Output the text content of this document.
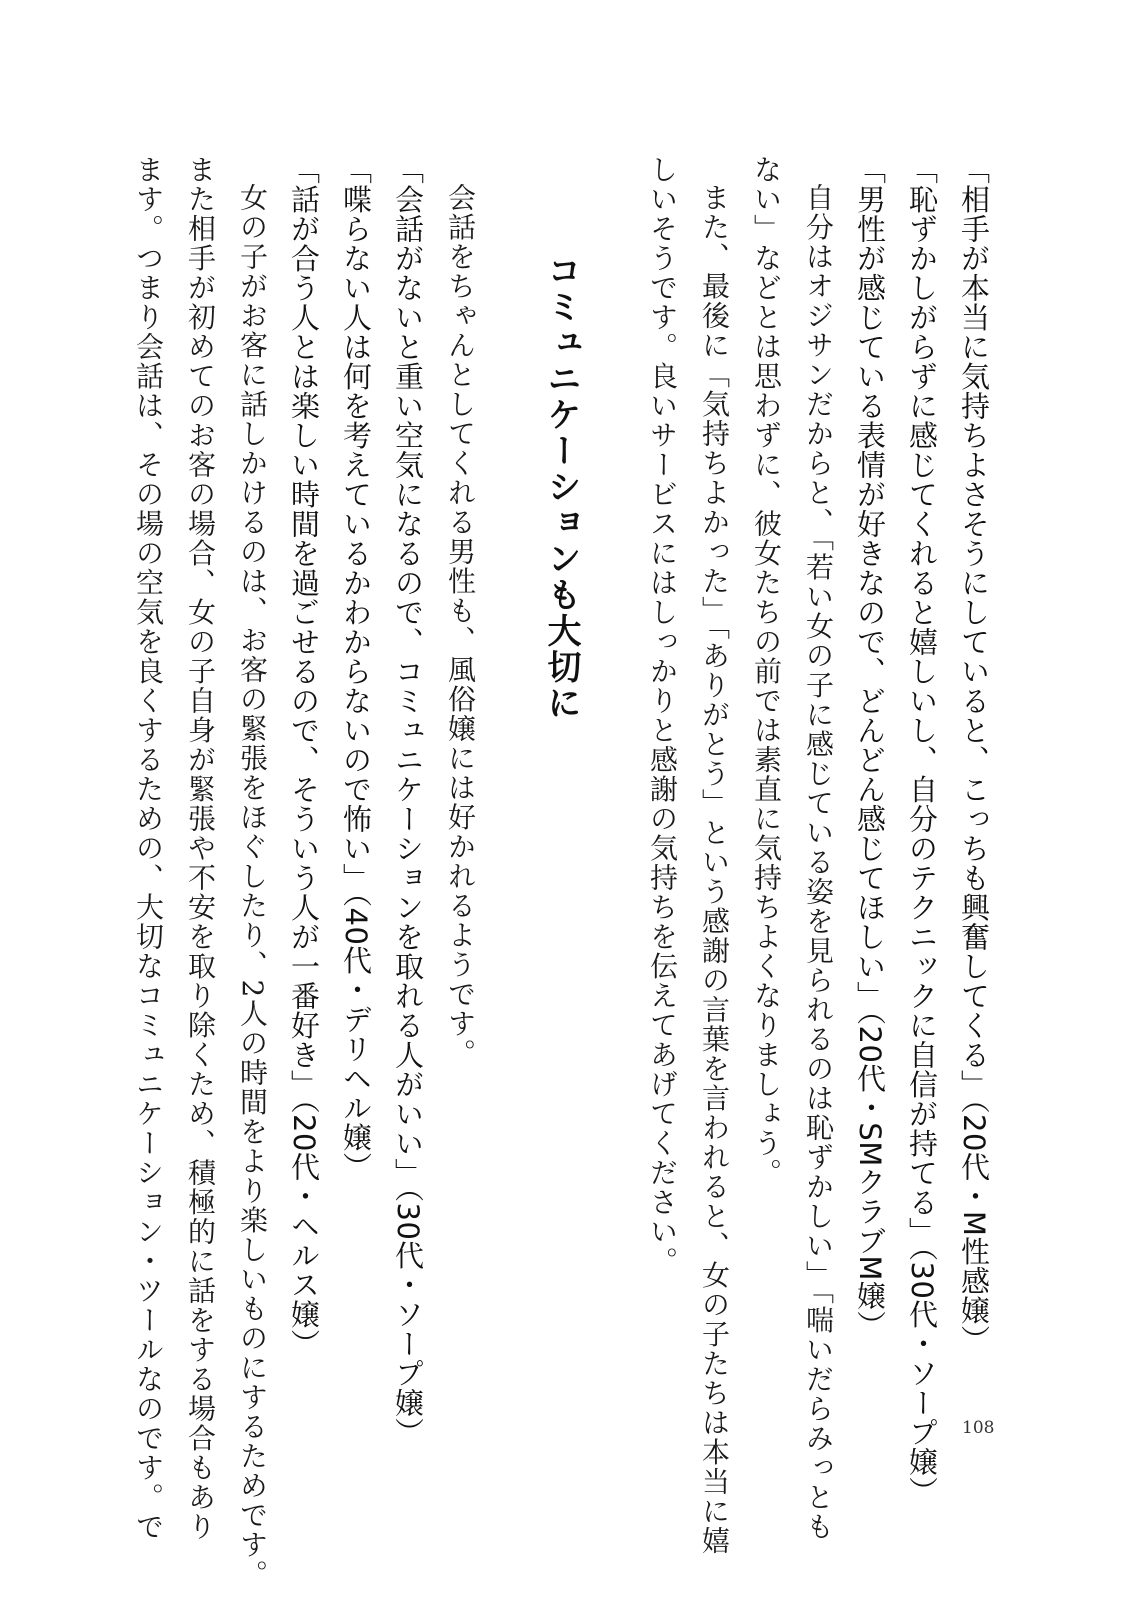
「相手が本当に気持ちよさそうにしていると、こっちも興奮してくる」（20代・M性感嬢）

「恥ずかしがらずに感じてくれると嬉しいし、自分のテクニックに自信が持てる」（30代・ソープ嬢）

「男性が感じている表情が好きなので、どんどん感じてほしい」（20代・SMクラブM嬢）

自分はオジサンだからと、「若い女の子に感じている姿を見られるのは恥ずかしい」「喘いだらみっとも

ない」などとは思わずに、彼女たちの前では素直に気持ちよくなりましょう。

また、最後に「気持ちよかった」「ありがとう」という感謝の言葉を言われると、女の子たちは本当に嬉

しいそうです。良いサービスにはしっかりと感謝の気持ちを伝えてあげてください。

コミュニケーションも大切に

会話をちゃんとしてくれる男性も、風俗嬢には好かれるようです。

「会話がないと重い空気になるので、コミュニケーションを取れる人がいい」（30代・ソープ嬢）

「喋らない人は何を考えているかわからないので怖い」（40代・デリヘル嬢）

「話が合う人とは楽しい時間を過ごせるので、そういう人が一番好き」（20代・ヘルス嬢）

女の子がお客に話しかけるのは、お客の緊張をほぐしたり、2人の時間をより楽しいものにするためです。

また相手が初めてのお客の場合、女の子自身が緊張や不安を取り除くため、積極的に話をする場合もあり

ます。つまり会話は、その場の空気を良くするための、大切なコミュニケーション・ツールなのです。で	108
